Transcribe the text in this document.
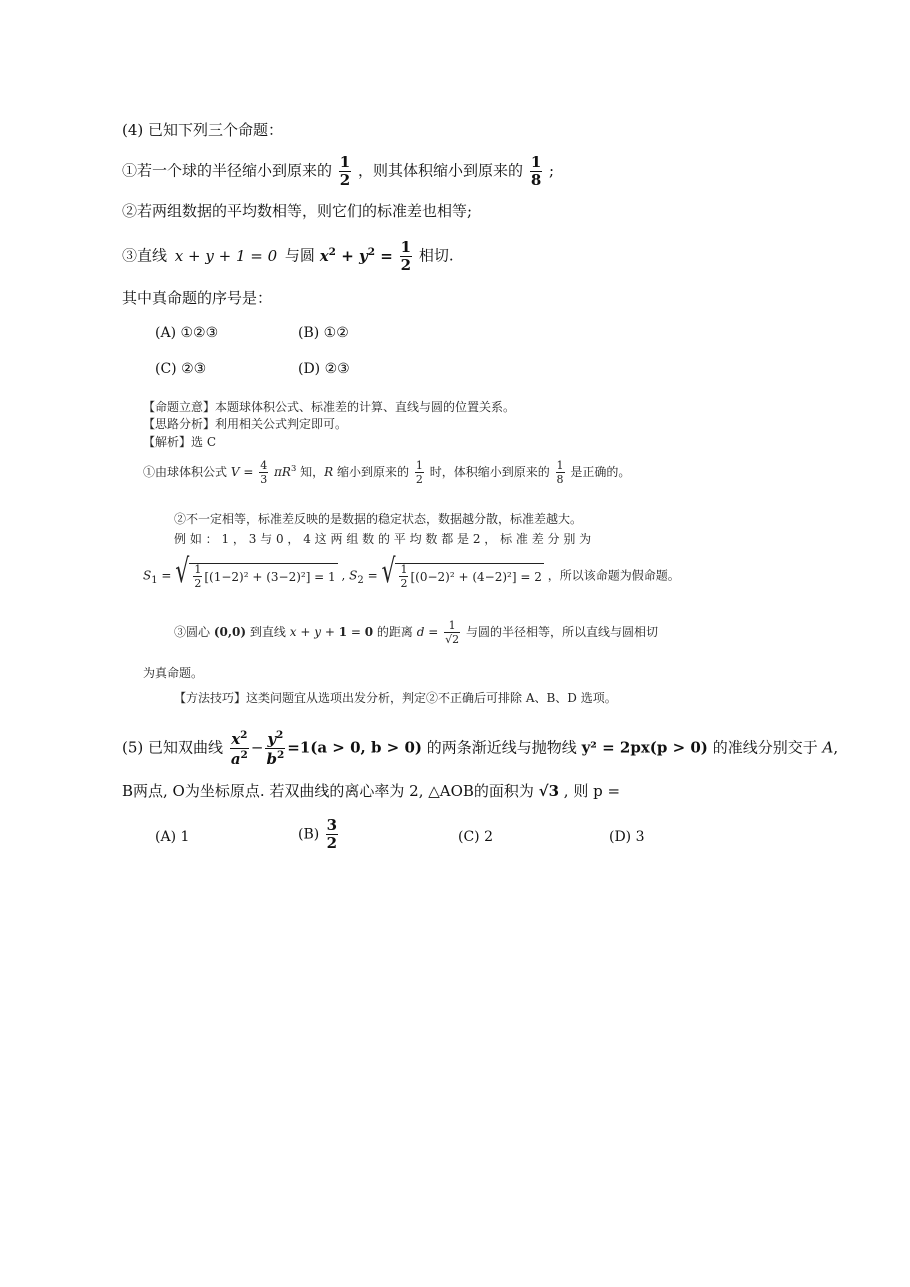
(4) 已知下列三个命题：
①若一个球的半径缩小到原来的 $\frac{1}{2}$ ，则其体积缩小到原来的 $\frac{1}{8}$ ;
②若两组数据的平均数相等，则它们的标准差也相等;
③直线 x + y + 1 = 0 与圆 $x^2 + y^2 = \frac{1}{2}$ 相切.
其中真命题的序号是：
(A) ①②③	(B) ①②
(C) ②③	(D) ②③
【命题立意】本题球体积公式、标准差的计算、直线与圆的位置关系。
【思路分析】利用相关公式判定即可。
【解析】选 C
①由球体积公式 $V = \frac{4}{3} \pi R^3$ 知，R 缩小到原来的 $\frac{1}{2}$ 时，体积缩小到原来的 $\frac{1}{8}$ 是正确的。
②不一定相等，标准差反映的是数据的稳定状态，数据越分散，标准差越大。
例 如 ： 1 ， 3 与 0 ， 4 这 两 组 数 的 平 均 数 都 是 2 ， 标 准 差 分 别 为
$S_1$ = √ $\frac{1}{2} [(1-2)^2 + (3-2)^2] = 1$ , $S_2$ = √ $\frac{1}{2} [(0-2)^2 + (4-2)^2] = 2$ ，所以该命题为假命题。
③圆心 (0,0) 到直线 x + y + 1 = 0 的距离 $d = \frac{1}{√2}$ 与圆的半径相等，所以直线与圆相切
为真命题。
【方法技巧】这类问题宜从选项出发分析，判定②不正确后可排除 A、B、D 选项。
(5) 已知双曲线 $\frac{x^2}{a^2} - \frac{y^2}{b^2} =1(a > 0$, b > 0) 的两条渐近线与抛物线 y² = 2px(p > 0) 的准线分别交于 A,
B两点, O为坐标原点. 若双曲线的离心率为 2, △AOB的面积为 √3 , 则 p =
(A) 1	$(B) \frac{3}{2}$	(C) 2	(D) 3
